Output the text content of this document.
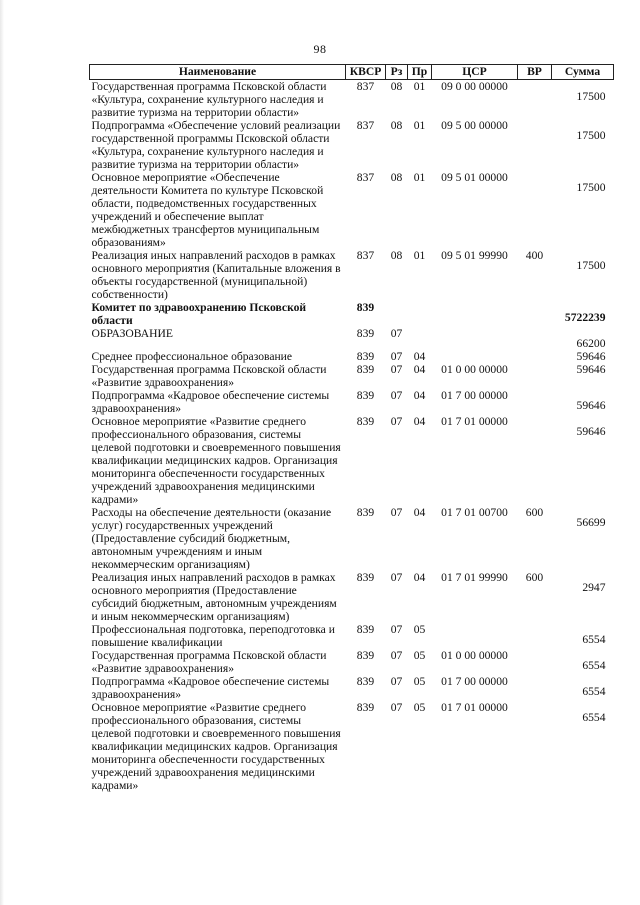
98
Наименование	КВСР	Рз	Пр	ЦСР	ВР	Сумма
Государственная программа Псковской области «Культура, сохранение культурного наследия и развитие туризма на территории области»	837	08	01	09 0 00 00000		17500
Подпрограмма «Обеспечение условий реализации государственной программы Псковской области «Культура, сохранение культурного наследия и развитие туризма на территории области»	837	08	01	09 5 00 00000		17500
Основное мероприятие «Обеспечение деятельности Комитета по культуре Псковской области, подведомственных государственных учреждений и обеспечение выплат межбюджетных трансфертов муниципальным образованиям»	837	08	01	09 5 01 00000		17500
Реализация иных направлений расходов в рамках основного мероприятия (Капитальные вложения в объекты государственной (муниципальной) собственности)	837	08	01	09 5 01 99990	400	17500
Комитет по здравоохранению Псковской области	839					5722239
ОБРАЗОВАНИЕ	839	07				66200
Среднее профессиональное образование	839	07	04			59646
Государственная программа Псковской области «Развитие здравоохранения»	839	07	04	01 0 00 00000		59646
Подпрограмма «Кадровое обеспечение системы здравоохранения»	839	07	04	01 7 00 00000		59646
Основное мероприятие «Развитие среднего профессионального образования, системы целевой подготовки и своевременного повышения квалификации медицинских кадров. Организация мониторинга обеспеченности государственных учреждений здравоохранения медицинскими кадрами»	839	07	04	01 7 01 00000		59646
Расходы на обеспечение деятельности (оказание услуг) государственных учреждений (Предоставление субсидий бюджетным, автономным учреждениям и иным некоммерческим организациям)	839	07	04	01 7 01 00700	600	56699
Реализация иных направлений расходов в рамках основного мероприятия (Предоставление субсидий бюджетным, автономным учреждениям и иным некоммерческим организациям)	839	07	04	01 7 01 99990	600	2947
Профессиональная подготовка, переподготовка и повышение квалификации	839	07	05			6554
Государственная программа Псковской области «Развитие здравоохранения»	839	07	05	01 0 00 00000		6554
Подпрограмма «Кадровое обеспечение системы здравоохранения»	839	07	05	01 7 00 00000		6554
Основное мероприятие «Развитие среднего профессионального образования, системы целевой подготовки и своевременного повышения квалификации медицинских кадров. Организация мониторинга обеспеченности государственных учреждений здравоохранения медицинскими кадрами»	839	07	05	01 7 01 00000		6554
